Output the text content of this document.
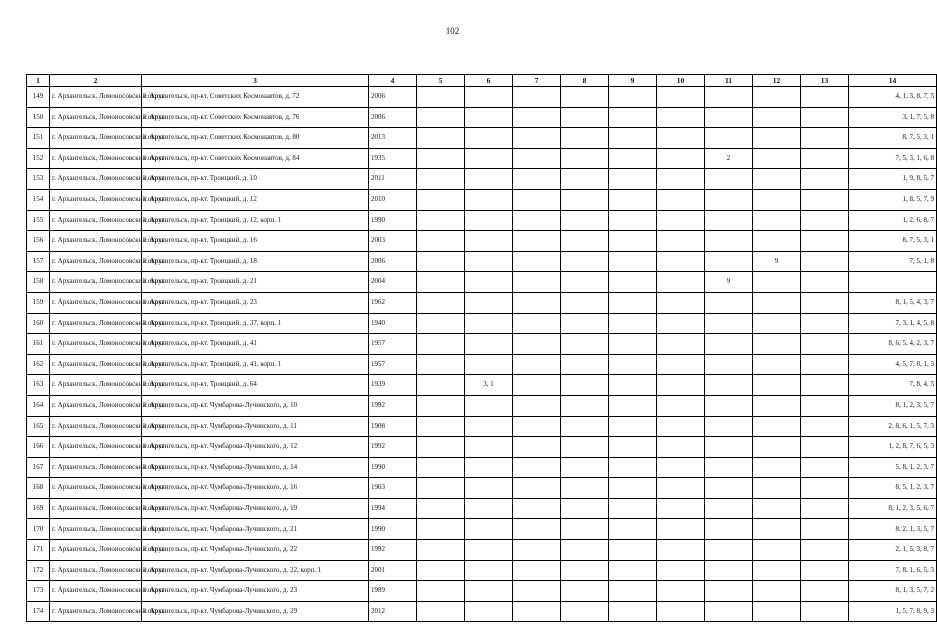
102
1	2	3	4	5	6	7	8	9	10	11	12	13	14
149	г. Архангельск, Ломоносовский округ	г. Архангельск, пр-кт. Советских Космонавтов, д. 72	2006										4, 1, 3, 8, 7, 5
150	г. Архангельск, Ломоносовский округ	г. Архангельск, пр-кт. Советских Космонавтов, д. 76	2006										3, 1, 7, 5, 8
151	г. Архангельск, Ломоносовский округ	г. Архангельск, пр-кт. Советских Космонавтов, д. 80	2013										8, 7, 5, 3, 1
152	г. Архангельск, Ломоносовский округ	г. Архангельск, пр-кт. Советских Космонавтов, д. 84	1935							2			7, 5, 3, 1, 6, 8
153	г. Архангельск, Ломоносовский округ	г. Архангельск, пр-кт. Троицкий, д. 10	2011										1, 9, 8, 5, 7
154	г. Архангельск, Ломоносовский округ	г. Архангельск, пр-кт. Троицкий, д. 12	2010										1, 8, 5, 7, 9
155	г. Архангельск, Ломоносовский округ	г. Архангельск, пр-кт. Троицкий, д. 12, корп. 1	1990										1, 2, 6, 8, 7
156	г. Архангельск, Ломоносовский округ	г. Архангельск, пр-кт. Троицкий, д. 16	2003										8, 7, 5, 3, 1
157	г. Архангельск, Ломоносовский округ	г. Архангельск, пр-кт. Троицкий, д. 18	2006								9		7, 5, 1, 8
158	г. Архангельск, Ломоносовский округ	г. Архангельск, пр-кт. Троицкий, д. 21	2004							9			
159	г. Архангельск, Ломоносовский округ	г. Архангельск, пр-кт. Троицкий, д. 23	1962										8, 1, 5, 4, 3, 7
160	г. Архангельск, Ломоносовский округ	г. Архангельск, пр-кт. Троицкий, д. 37, корп. 1	1940										7, 3, 1, 4, 5, 8
161	г. Архангельск, Ломоносовский округ	г. Архангельск, пр-кт. Троицкий, д. 41	1957										8, 6, 5, 4, 2, 3, 7
162	г. Архангельск, Ломоносовский округ	г. Архангельск, пр-кт. Троицкий, д. 41, корп. 1	1957										4, 5, 7, 8, 1, 3
163	г. Архангельск, Ломоносовский округ	г. Архангельск, пр-кт. Троицкий, д. 64	1939		3, 1								7, 8, 4, 5
164	г. Архангельск, Ломоносовский округ	г. Архангельск, пр-кт. Чумбарова-Лучинского, д. 10	1992										8, 1, 2, 3, 5, 7
165	г. Архангельск, Ломоносовский округ	г. Архангельск, пр-кт. Чумбарова-Лучинского, д. 11	1908										2, 8, 6, 1, 5, 7, 3
166	г. Архангельск, Ломоносовский округ	г. Архангельск, пр-кт. Чумбарова-Лучинского, д. 12	1992										1, 2, 8, 7, 6, 5, 3
167	г. Архангельск, Ломоносовский округ	г. Архангельск, пр-кт. Чумбарова-Лучинского, д. 14	1990										5, 8, 1, 2, 3, 7
168	г. Архангельск, Ломоносовский округ	г. Архангельск, пр-кт. Чумбарова-Лучинского, д. 16	1903										8, 5, 1, 2, 3, 7
169	г. Архангельск, Ломоносовский округ	г. Архангельск, пр-кт. Чумбарова-Лучинского, д. 19	1994										8, 1, 2, 3, 5, 6, 7
170	г. Архангельск, Ломоносовский округ	г. Архангельск, пр-кт. Чумбарова-Лучинского, д. 21	1990										8, 2, 1, 3, 5, 7
171	г. Архангельск, Ломоносовский округ	г. Архангельск, пр-кт. Чумбарова-Лучинского, д. 22	1992										2, 1, 5, 3, 8, 7
172	г. Архангельск, Ломоносовский округ	г. Архангельск, пр-кт. Чумбарова-Лучинского, д. 22, корп. 1	2001										7, 8, 1, 6, 5, 3
173	г. Архангельск, Ломоносовский округ	г. Архангельск, пр-кт. Чумбарова-Лучинского, д. 23	1989										8, 1, 3, 5, 7, 2
174	г. Архангельск, Ломоносовский округ	г. Архангельск, пр-кт. Чумбарова-Лучинского, д. 29	2012										1, 5, 7, 8, 9, 3
